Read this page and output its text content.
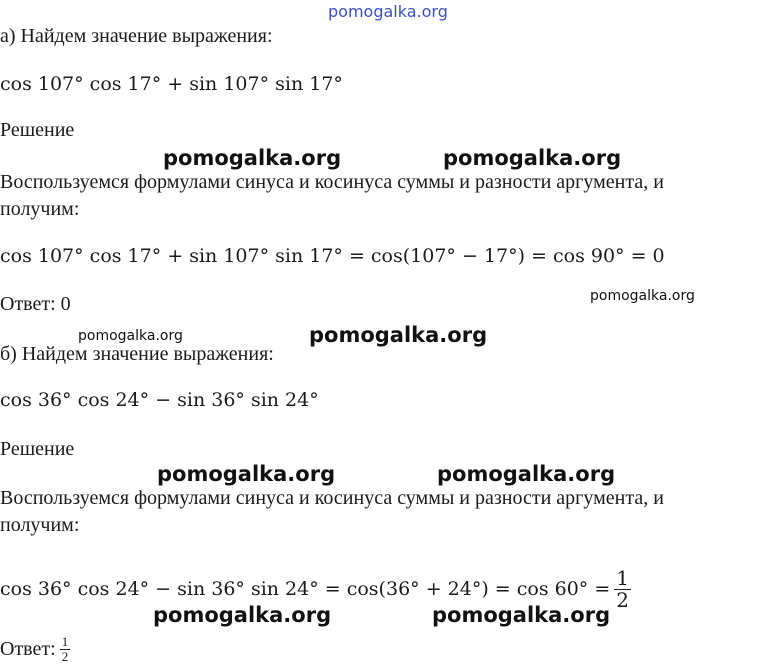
pomogalka.org
а) Найдем значение выражения:
cos 107° cos 17° + sin 107° sin 17°
Решение
Воспользуемся формулами синуса и косинуса суммы и разности аргумента, и
получим:
cos 107° cos 17° + sin 107° sin 17° = cos(107° − 17°) = cos 90° = 0
Ответ: 0
б) Найдем значение выражения:
cos 36° cos 24° − sin 36° sin 24°
Решение
Воспользуемся формулами синуса и косинуса суммы и разности аргумента, и
получим:
cos 36° cos 24° − sin 36° $\sin 24^\circ = \cos(36^\circ + 24^\circ) = \cos 60^\circ = \frac{1}{2}$
Ответ: $\frac{1}{2}$
pomogalka.org	pomogalka.org
pomogalka.org
pomogalka.org	pomogalka.org
pomogalka.org	pomogalka.org
pomogalka.org	pomogalka.org
